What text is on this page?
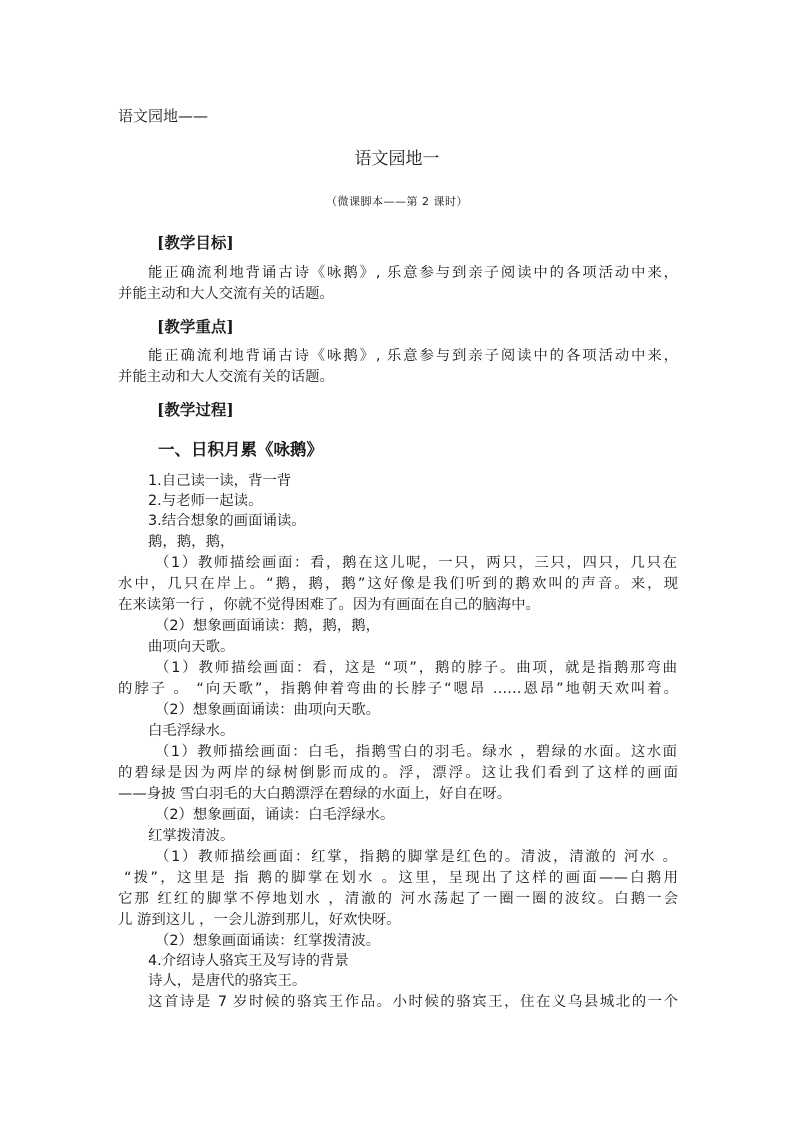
语文园地——
语文园地一
（微课脚本——第 2 课时）
[教学目标]
能正确流利地背诵古诗《咏鹅》, 乐意参与到亲子阅读中的各项活动中来，
并能主动和大人交流有关的话题。
[教学重点]
能正确流利地背诵古诗《咏鹅》, 乐意参与到亲子阅读中的各项活动中来，
并能主动和大人交流有关的话题。
[教学过程]
一、日积月累《咏鹅》
1.自己读一读，背一背
2.与老师一起读。
3.结合想象的画面诵读。
鹅，鹅，鹅，
（1）教师描绘画面：看，鹅在这儿呢，一只，两只，三只，四只，几只在
水中，几只在岸上。“鹅，鹅，鹅”这好像是我们听到的鹅欢叫的声音。来，现
在来读第一行 ，你就不觉得困难了。因为有画面在自己的脑海中。
（2）想象画面诵读：鹅，鹅，鹅，
曲项向天歌。
（1）教师描绘画面：看，这是 “项”，鹅的脖子。曲项，就是指鹅那弯曲
的脖子 。 “向天歌”，指鹅伸着弯曲的长脖子“嗯昂 ……恩昂”地朝天欢叫着。
（2）想象画面诵读：曲项向天歌。
白毛浮绿水。
（1）教师描绘画面：白毛，指鹅雪白的羽毛。绿水 ，碧绿的水面。这水面
的碧绿是因为两岸的绿树倒影而成的。浮，漂浮。这让我们看到了这样的画面
——身披 雪白羽毛的大白鹅漂浮在碧绿的水面上，好自在呀。
（2）想象画面，诵读：白毛浮绿水。
红掌拨清波。
（1）教师描绘画面：红掌，指鹅的脚掌是红色的。清波，清澈的 河水 。
“拨”，这里是 指 鹅的脚掌在划水 。这里，呈现出了这样的画面——白鹅用
它那 红红的脚掌不停地划水 ，清澈的 河水荡起了一圈一圈的波纹。白鹅一会
儿 游到这儿 ，一会儿游到那儿，好欢快呀。
（2）想象画面诵读：红掌拨清波。
4.介绍诗人骆宾王及写诗的背景
诗人，是唐代的骆宾王。
这首诗是 7 岁时候的骆宾王作品。小时候的骆宾王，住在义乌县城北的一个
